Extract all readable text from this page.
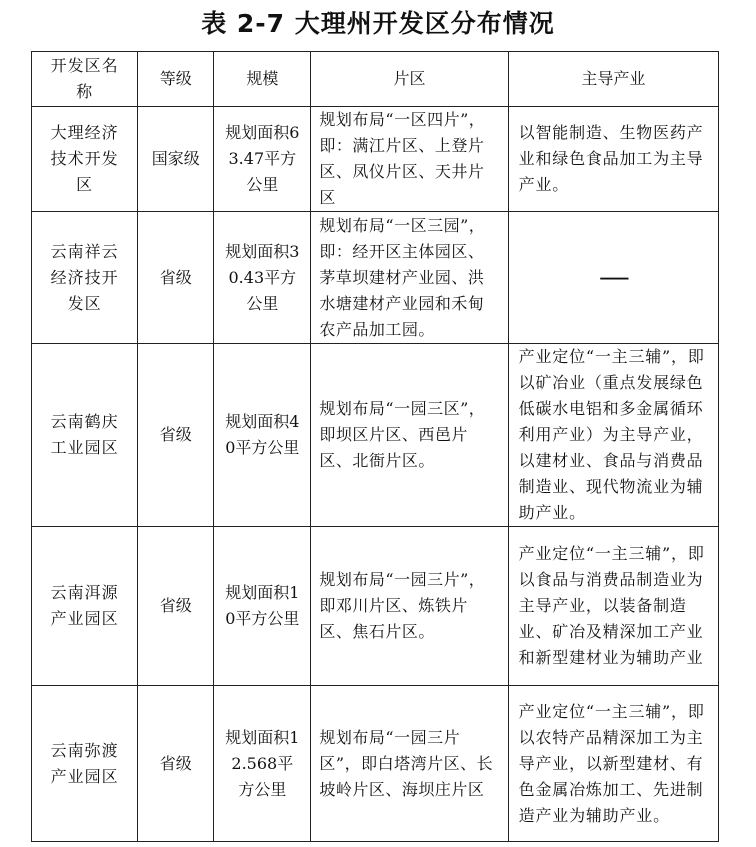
表 2-7 大理州开发区分布情况
开发区名称	等级	规模	片区	主导产业

大理经济技术开发区	国家级	规划面积63.47平方公里	规划布局“一区四片”，即：满江片区、上登片区、凤仪片区、天井片区	以智能制造、生物医药产业和绿色食品加工为主导产业。

云南祥云经济技开发区	省级	规划面积30.43平方公里	规划布局“一区三园”，即：经开区主体园区、茅草坝建材产业园、洪水塘建材产业园和禾甸农产品加工园。	——

云南鹤庆工业园区	省级	规划面积40平方公里	规划布局“一园三区”，即坝区片区、西邑片区、北衙片区。	产业定位“一主三辅”，即以矿冶业（重点发展绿色低碳水电铝和多金属循环利用产业）为主导产业，以建材业、食品与消费品制造业、现代物流业为辅助产业。

云南洱源产业园区	省级	规划面积10平方公里	规划布局“一园三片”，即邓川片区、炼铁片区、焦石片区。	产业定位“一主三辅”，即以食品与消费品制造业为主导产业，以装备制造业、矿冶及精深加工产业和新型建材业为辅助产业

云南弥渡产业园区	省级	规划面积12.568平方公里	规划布局“一园三片区”，即白塔湾片区、长坡岭片区、海坝庄片区	产业定位“一主三辅”，即以农特产品精深加工为主导产业，以新型建材、有色金属冶炼加工、先进制造产业为辅助产业。
